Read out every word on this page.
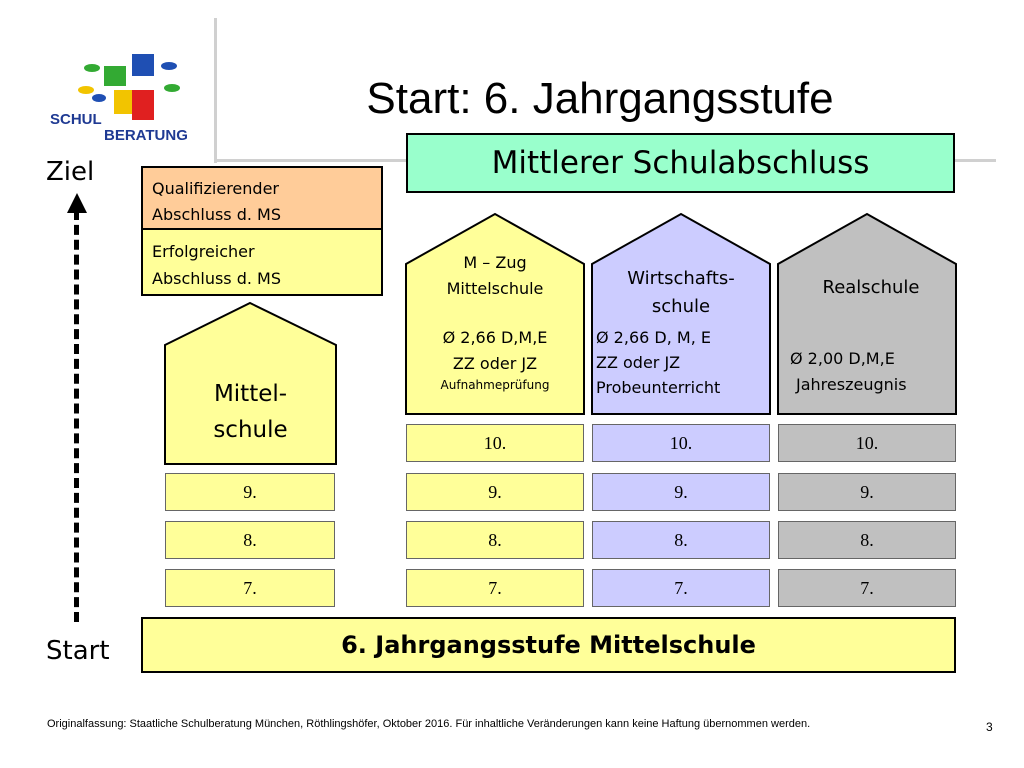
SCHUL
BERATUNG
Start: 6. Jahrgangsstufe
Mittlerer Schulabschluss
Ziel
Start
Qualifizierender
Abschluss d. MS
Erfolgreicher
Abschluss d. MS
Mittel-
schule
M – Zug
Mittelschule
Ø 2,66 D,M,E
ZZ oder JZ
Aufnahmeprüfung
Wirtschafts-
schule
Ø 2,66 D, M, E
ZZ oder JZ
Probeunterricht
Realschule
Ø 2,00 D,M,E
Jahreszeugnis
9.
8.
7.
10.
9.
8.
7.
10.
9.
8.
7.
10.
9.
8.
7.
6. Jahrgangsstufe Mittelschule
Originalfassung: Staatliche Schulberatung München, Röthlingshöfer, Oktober 2016. Für inhaltliche Veränderungen kann keine Haftung übernommen werden.	3
